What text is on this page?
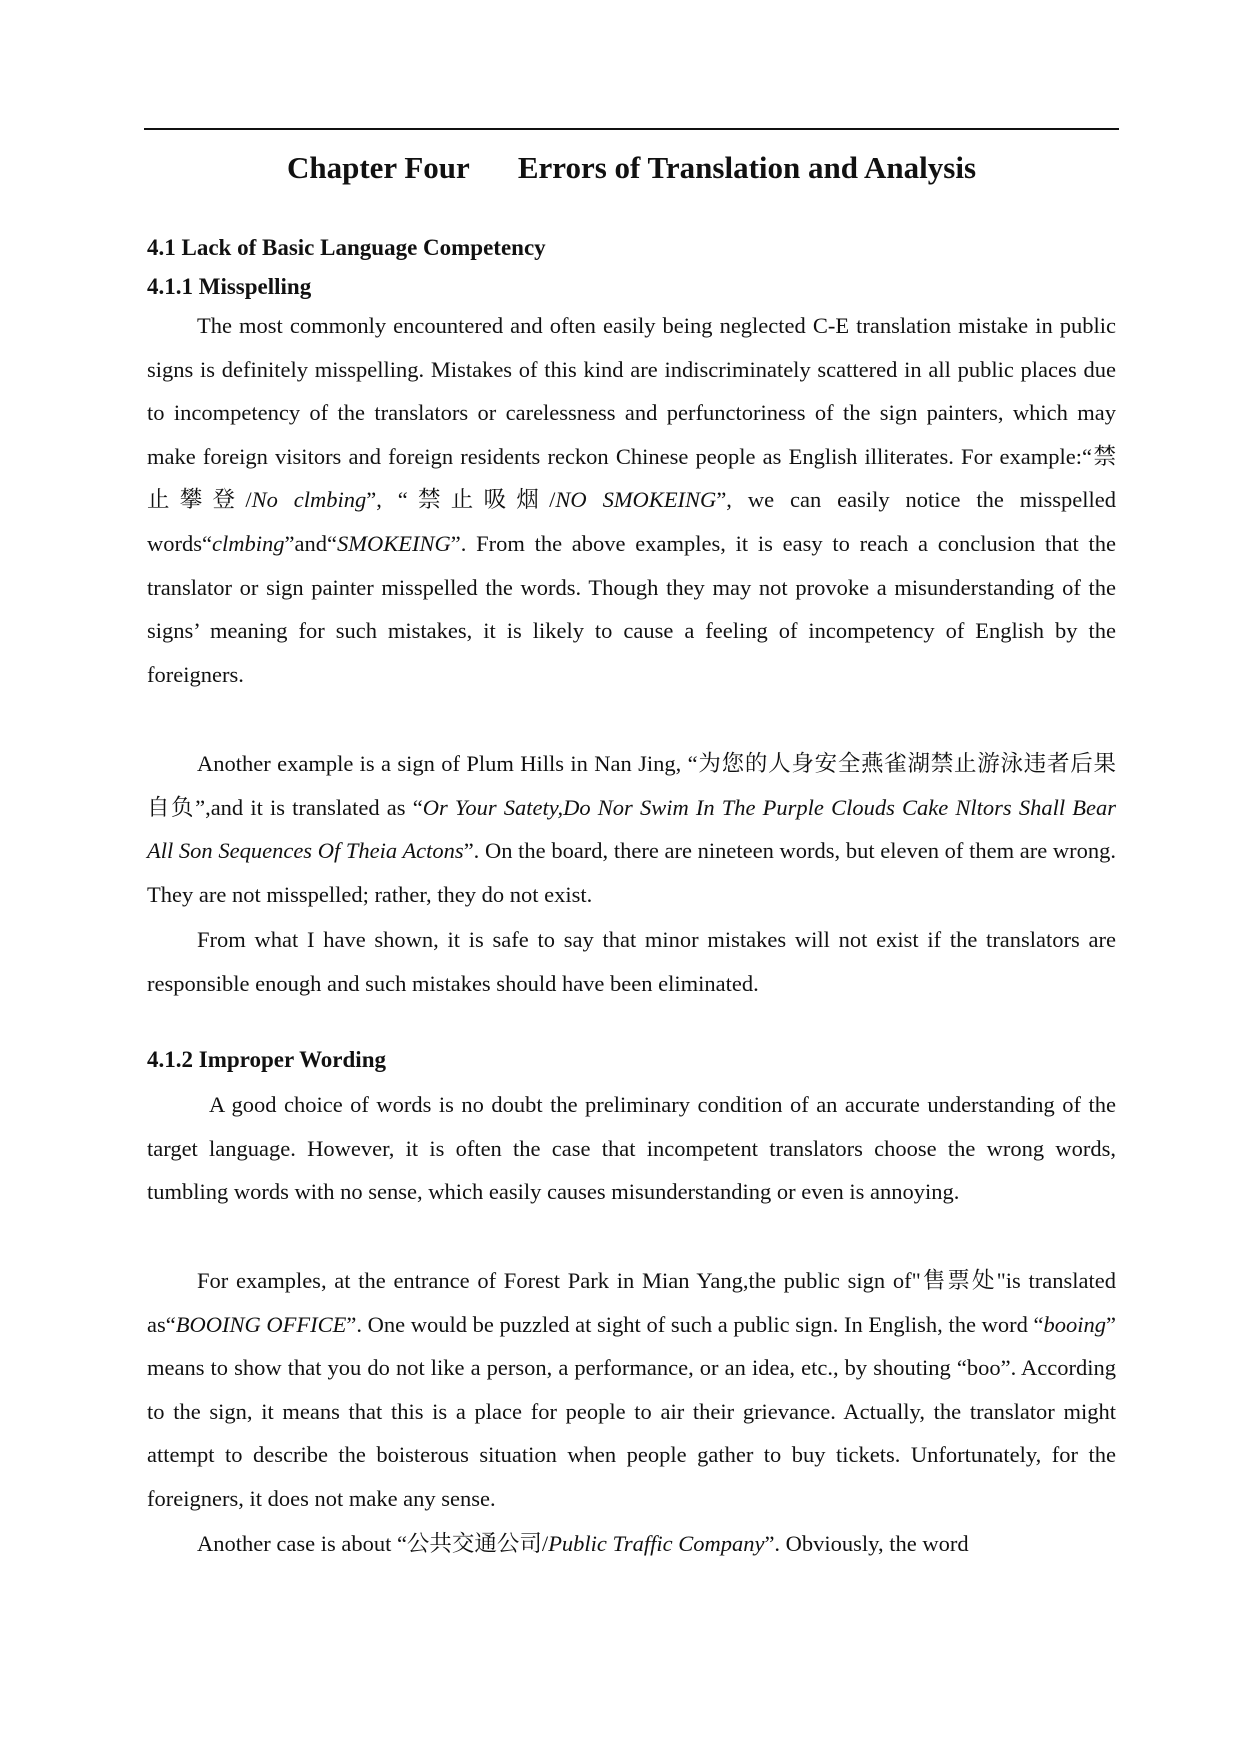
Chapter Four Errors of Translation and Analysis
4.1 Lack of Basic Language Competency
4.1.1 Misspelling

The most commonly encountered and often easily being neglected C-E translation mistake in public signs is definitely misspelling. Mistakes of this kind are indiscriminately scattered in all public places due to incompetency of the translators or carelessness and perfunctoriness of the sign painters, which may make foreign visitors and foreign residents reckon Chinese people as English illiterates. For example:“禁止攀登/No clmbing”, “禁止吸烟/NO SMOKEING”, we can easily notice the misspelled words“clmbing”and“SMOKEING”. From the above examples, it is easy to reach a conclusion that the translator or sign painter misspelled the words. Though they may not provoke a misunderstanding of the signs’ meaning for such mistakes, it is likely to cause a feeling of incompetency of English by the foreigners.

Another example is a sign of Plum Hills in Nan Jing, “为您的人身安全燕雀湖禁止游泳违者后果自负”,and it is translated as “Or Your Satety,Do Nor Swim In The Purple Clouds Cake Nltors Shall Bear All Son Sequences Of Theia Actons”. On the board, there are nineteen words, but eleven of them are wrong. They are not misspelled; rather, they do not exist.

From what I have shown, it is safe to say that minor mistakes will not exist if the translators are responsible enough and such mistakes should have been eliminated.

4.1.2 Improper Wording

A good choice of words is no doubt the preliminary condition of an accurate understanding of the target language. However, it is often the case that incompetent translators choose the wrong words, tumbling words with no sense, which easily causes misunderstanding or even is annoying.

For examples, at the entrance of Forest Park in Mian Yang,the public sign of"售票处"is translated as“BOOING OFFICE”. One would be puzzled at sight of such a public sign. In English, the word “booing” means to show that you do not like a person, a performance, or an idea, etc., by shouting “boo”. According to the sign, it means that this is a place for people to air their grievance. Actually, the translator might attempt to describe the boisterous situation when people gather to buy tickets. Unfortunately, for the foreigners, it does not make any sense.

Another case is about “公共交通公司/Public Traffic Company”. Obviously, the word
